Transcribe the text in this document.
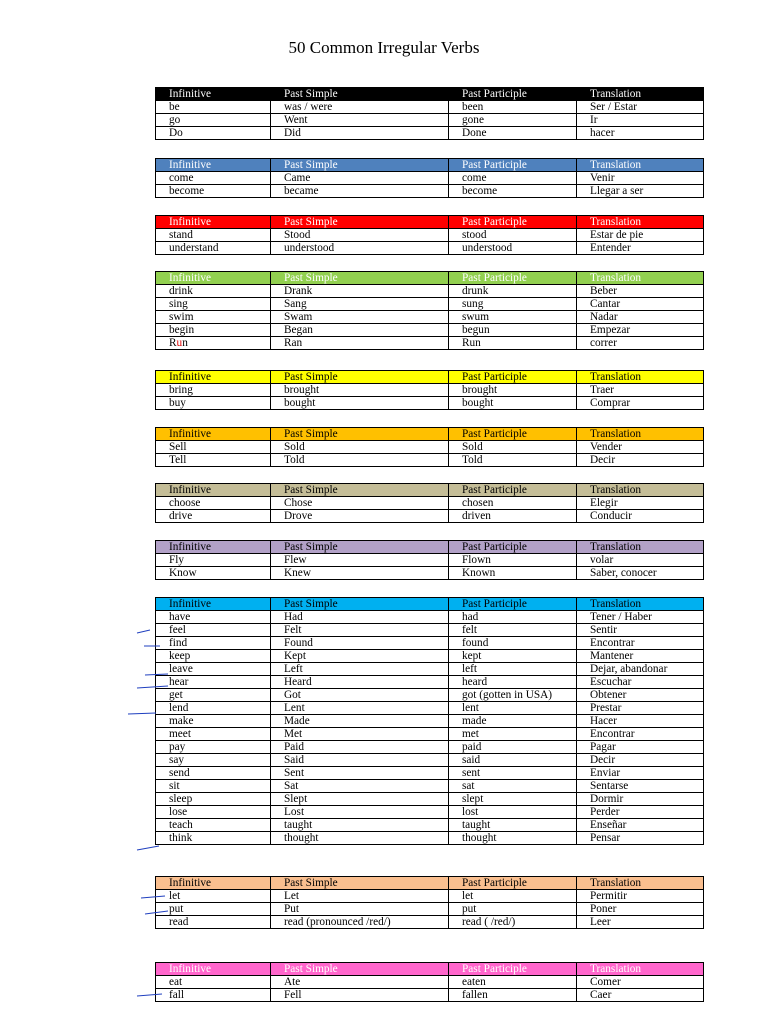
50 Common Irregular Verbs
Infinitive	Past Simple	Past Participle	Translation
be	was / were	been	Ser / Estar
go	Went	gone	Ir
Do	Did	Done	hacer
Infinitive	Past Simple	Past Participle	Translation
come	Came	come	Venir
become	became	become	Llegar a ser
Infinitive	Past Simple	Past Participle	Translation
stand	Stood	stood	Estar de pie
understand	understood	understood	Entender
Infinitive	Past Simple	Past Participle	Translation
drink	Drank	drunk	Beber
sing	Sang	sung	Cantar
swim	Swam	swum	Nadar
begin	Began	begun	Empezar
Run	Ran	Run	correr
Infinitive	Past Simple	Past Participle	Translation
bring	brought	brought	Traer
buy	bought	bought	Comprar
Infinitive	Past Simple	Past Participle	Translation
Sell	Sold	Sold	Vender
Tell	Told	Told	Decir
Infinitive	Past Simple	Past Participle	Translation
choose	Chose	chosen	Elegir
drive	Drove	driven	Conducir
Infinitive	Past Simple	Past Participle	Translation
Fly	Flew	Flown	volar
Know	Knew	Known	Saber, conocer
Infinitive	Past Simple	Past Participle	Translation
have	Had	had	Tener / Haber
feel	Felt	felt	Sentir
find	Found	found	Encontrar
keep	Kept	kept	Mantener
leave	Left	left	Dejar, abandonar
hear	Heard	heard	Escuchar
get	Got	got (gotten in USA)	Obtener
lend	Lent	lent	Prestar
make	Made	made	Hacer
meet	Met	met	Encontrar
pay	Paid	paid	Pagar
say	Said	said	Decir
send	Sent	sent	Enviar
sit	Sat	sat	Sentarse
sleep	Slept	slept	Dormir
lose	Lost	lost	Perder
teach	taught	taught	Enseñar
think	thought	thought	Pensar
Infinitive	Past Simple	Past Participle	Translation
let	Let	let	Permitir
put	Put	put	Poner
read	read (pronounced /red/)	read ( /red/)	Leer
Infinitive	Past Simple	Past Participle	Translation
eat	Ate	eaten	Comer
fall	Fell	fallen	Caer
